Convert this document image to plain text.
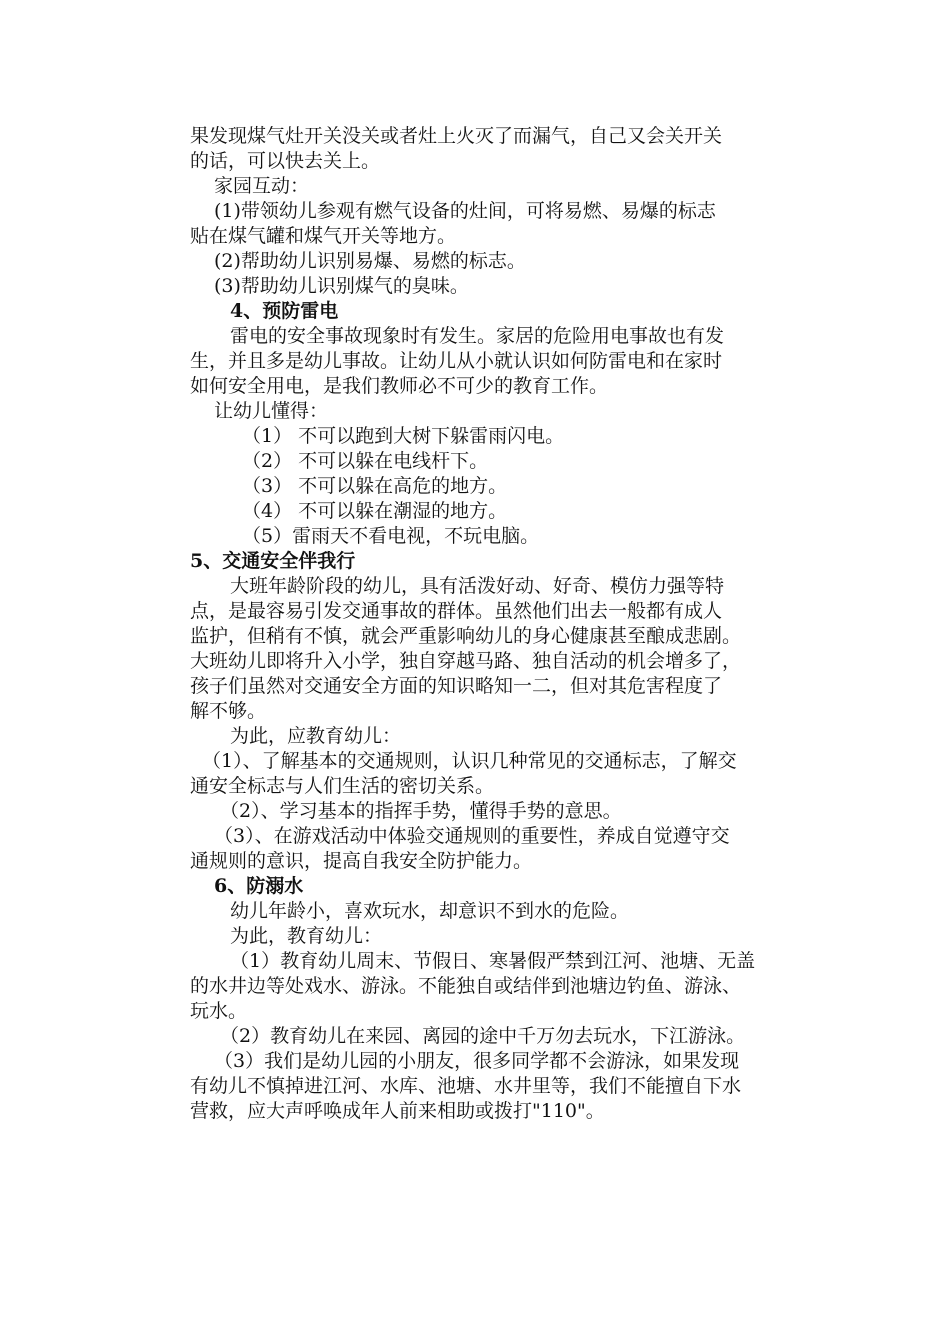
果发现煤气灶开关没关或者灶上火灭了而漏气，自己又会关开关
的话，可以快去关上。
家园互动：
(1)带领幼儿参观有燃气设备的灶间，可将易燃、易爆的标志
贴在煤气罐和煤气开关等地方。
(2)帮助幼儿识别易爆、易燃的标志。
(3)帮助幼儿识别煤气的臭味。
4、预防雷电
雷电的安全事故现象时有发生。家居的危险用电事故也有发
生，并且多是幼儿事故。让幼儿从小就认识如何防雷电和在家时
如何安全用电，是我们教师必不可少的教育工作。
让幼儿懂得：
（1） 不可以跑到大树下躲雷雨闪电。
（2） 不可以躲在电线杆下。
（3） 不可以躲在高危的地方。
（4） 不可以躲在潮湿的地方。
（5）雷雨天不看电视，不玩电脑。
5、交通安全伴我行
大班年龄阶段的幼儿，具有活泼好动、好奇、模仿力强等特
点，是最容易引发交通事故的群体。虽然他们出去一般都有成人
监护，但稍有不慎，就会严重影响幼儿的身心健康甚至酿成悲剧。
大班幼儿即将升入小学，独自穿越马路、独自活动的机会增多了，
孩子们虽然对交通安全方面的知识略知一二，但对其危害程度了
解不够。
为此，应教育幼儿：
（1）、了解基本的交通规则，认识几种常见的交通标志，了解交
通安全标志与人们生活的密切关系。
（2）、学习基本的指挥手势，懂得手势的意思。
（3）、在游戏活动中体验交通规则的重要性，养成自觉遵守交
通规则的意识，提高自我安全防护能力。
6、防溺水
幼儿年龄小，喜欢玩水，却意识不到水的危险。
为此，教育幼儿：
（1）教育幼儿周末、节假日、寒暑假严禁到江河、池塘、无盖
的水井边等处戏水、游泳。不能独自或结伴到池塘边钓鱼、游泳、
玩水。
（2）教育幼儿在来园、离园的途中千万勿去玩水，下江游泳。
（3）我们是幼儿园的小朋友，很多同学都不会游泳，如果发现
有幼儿不慎掉进江河、水库、池塘、水井里等，我们不能擅自下水
营救，应大声呼唤成年人前来相助或拨打"110"。
